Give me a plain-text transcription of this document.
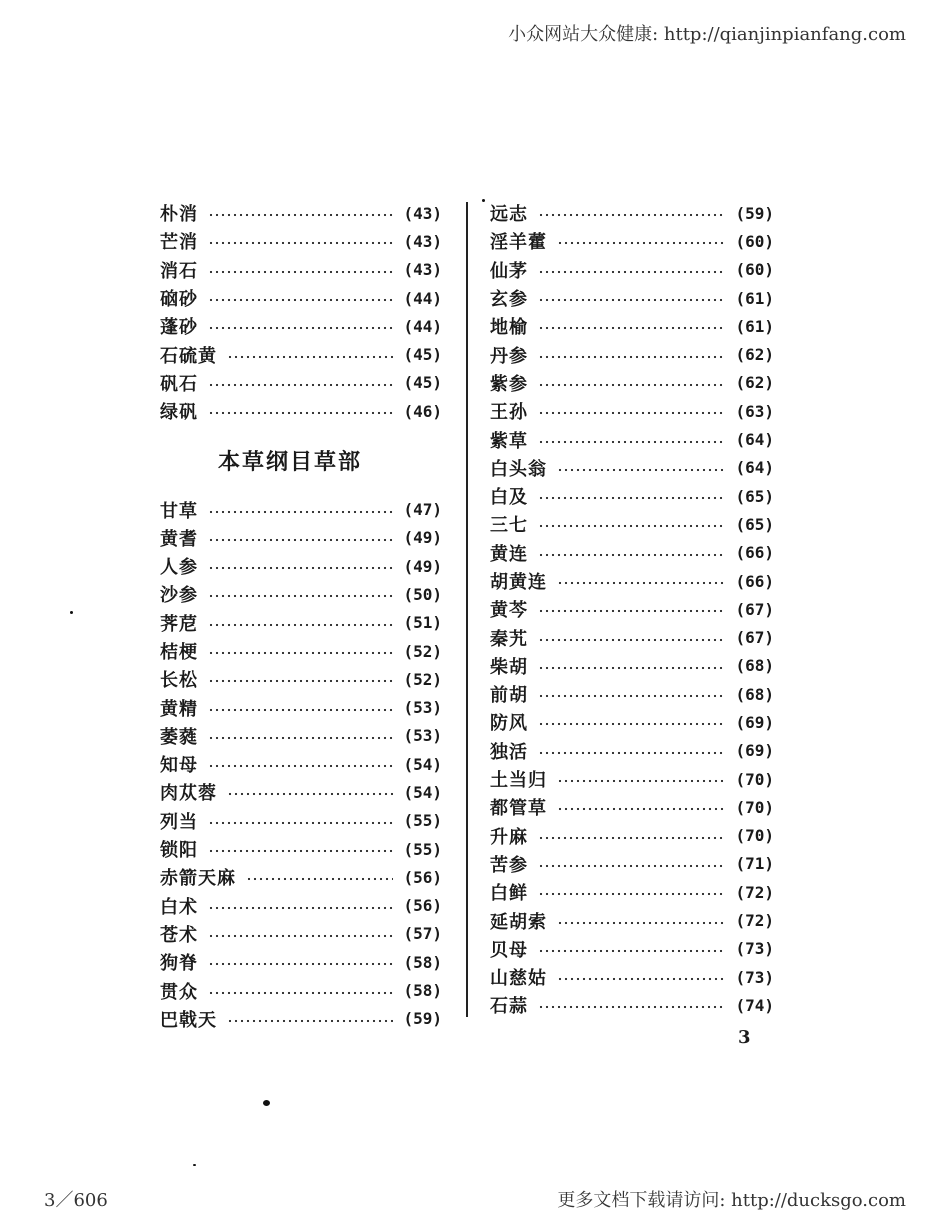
小众网站大众健康: http://qianjinpianfang.com
朴消	(43)
芒消	(43)
消石	(43)
硇砂	(44)
蓬砂	(44)
石硫黄	(45)
矾石	(45)
绿矾	(46)
本草纲目草部
甘草	(47)
黄耆	(49)
人参	(49)
沙参	(50)
荠苨	(51)
桔梗	(52)
长松	(52)
黄精	(53)
萎蕤	(53)
知母	(54)
肉苁蓉	(54)
列当	(55)
锁阳	(55)
赤箭天麻	(56)
白术	(56)
苍术	(57)
狗脊	(58)
贯众	(58)
巴戟天	(59)
远志	(59)
淫羊藿	(60)
仙茅	(60)
玄参	(61)
地榆	(61)
丹参	(62)
紫参	(62)
王孙	(63)
紫草	(64)
白头翁	(64)
白及	(65)
三七	(65)
黄连	(66)
胡黄连	(66)
黄芩	(67)
秦艽	(67)
柴胡	(68)
前胡	(68)
防风	(69)
独活	(69)
土当归	(70)
都管草	(70)
升麻	(70)
苦参	(71)
白鲜	(72)
延胡索	(72)
贝母	(73)
山慈姑	(73)
石蒜	(74)
3
3／606	更多文档下载请访问: http://ducksgo.com
